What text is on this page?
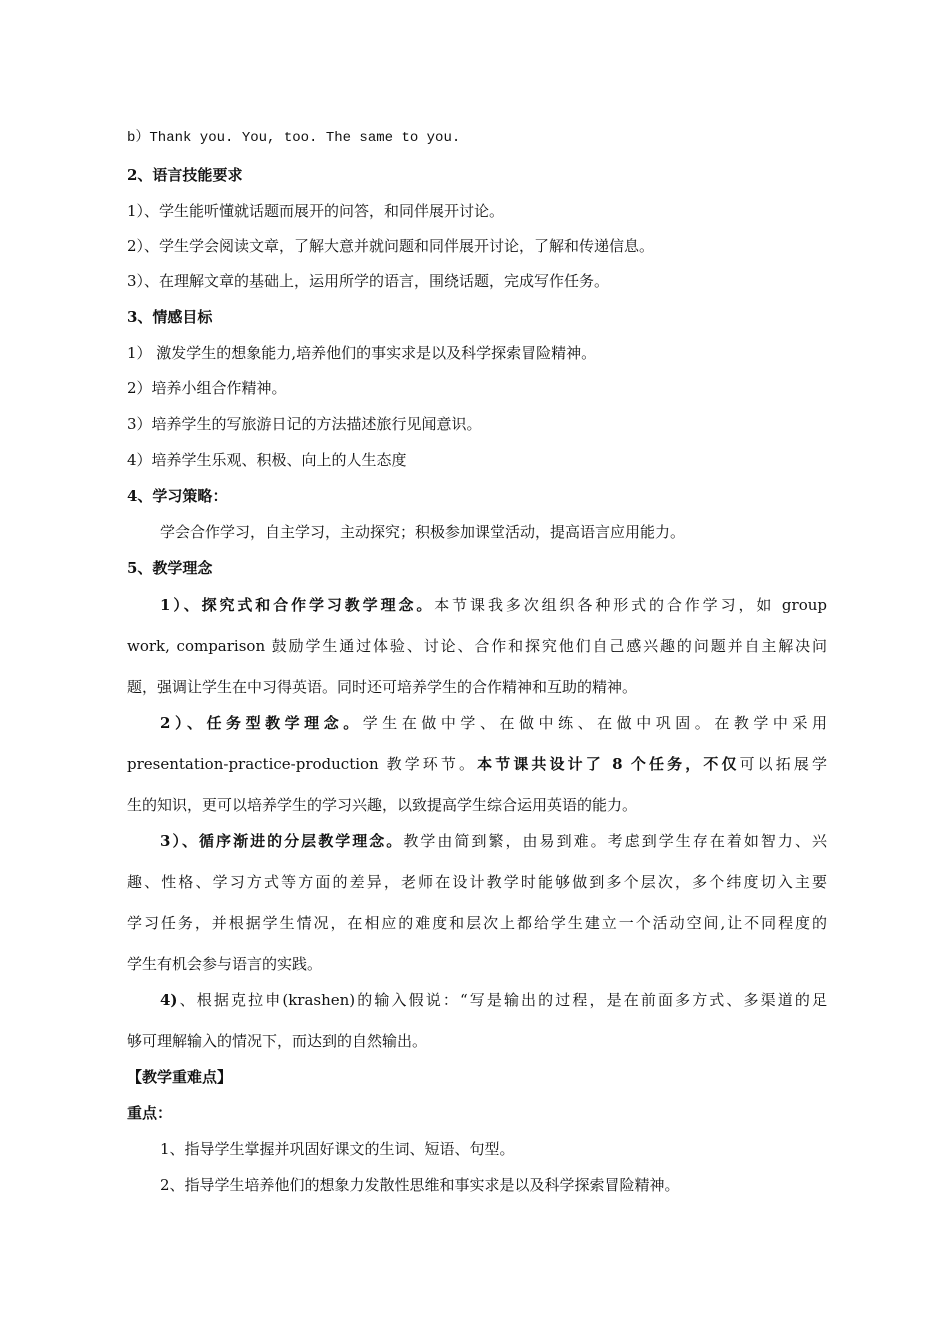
b）Thank you. You, too. The same to you.
2、语言技能要求
1）、学生能听懂就话题而展开的问答，和同伴展开讨论。
2）、学生学会阅读文章，了解大意并就问题和同伴展开讨论，了解和传递信息。
3）、在理解文章的基础上，运用所学的语言，围绕话题，完成写作任务。
3、情感目标
1） 激发学生的想象能力,培养他们的事实求是以及科学探索冒险精神。
2）培养小组合作精神。
3）培养学生的写旅游日记的方法描述旅行见闻意识。
4）培养学生乐观、积极、向上的人生态度
4、学习策略：
学会合作学习，自主学习，主动探究；积极参加课堂活动，提高语言应用能力。
5、教学理念
1）、探究式和合作学习教学理念。本节课我多次组织各种形式的合作学习，如 group
work, comparison 鼓励学生通过体验、讨论、合作和探究他们自己感兴趣的问题并自主解决问
题，强调让学生在中习得英语。同时还可培养学生的合作精神和互助的精神。
2）、任务型教学理念。学生在做中学、在做中练、在做中巩固。在教学中采用
presentation-practice-production 教学环节。本节课共设计了 8 个任务，不仅可以拓展学
生的知识，更可以培养学生的学习兴趣，以致提高学生综合运用英语的能力。
3）、循序渐进的分层教学理念。教学由简到繁，由易到难。考虑到学生存在着如智力、兴
趣、性格、学习方式等方面的差异，老师在设计教学时能够做到多个层次，多个纬度切入主要
学习任务，并根据学生情况，在相应的难度和层次上都给学生建立一个活动空间,让不同程度的
学生有机会参与语言的实践。
4)、根据克拉申(krashen)的输入假说：“写是输出的过程，是在前面多方式、多渠道的足
够可理解输入的情况下，而达到的自然输出。
【教学重难点】
重点：
1、指导学生掌握并巩固好课文的生词、短语、句型。
2、指导学生培养他们的想象力发散性思维和事实求是以及科学探索冒险精神。
